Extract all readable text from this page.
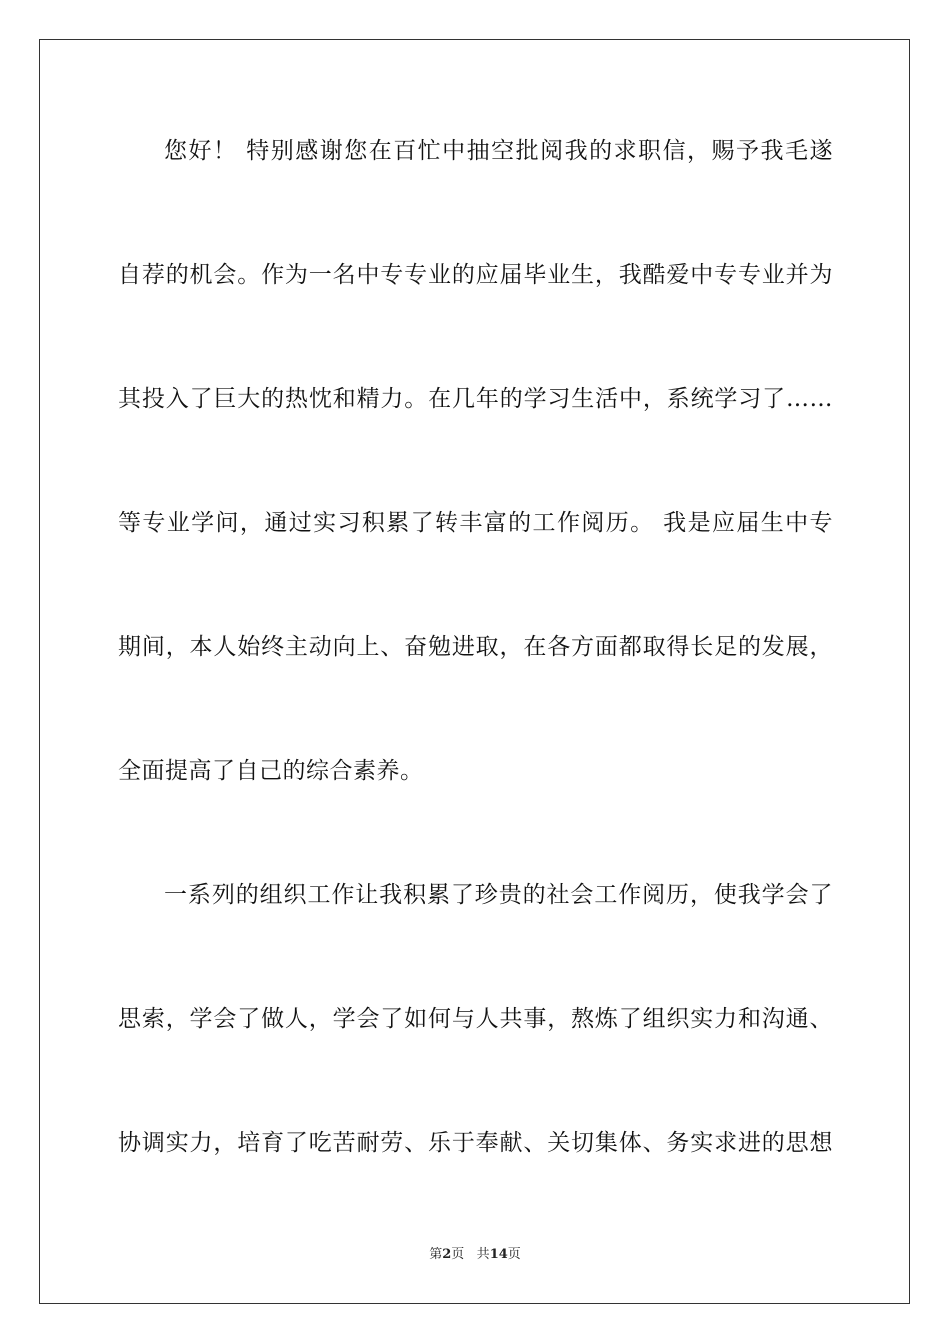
您好！ 特别感谢您在百忙中抽空批阅我的求职信，赐予我毛遂
自荐的机会。作为一名中专专业的应届毕业生，我酷爱中专专业并为
其投入了巨大的热忱和精力。在几年的学习生活中，系统学习了……
等专业学问，通过实习积累了转丰富的工作阅历。 我是应届生中专
期间，本人始终主动向上、奋勉进取，在各方面都取得长足的发展，
全面提高了自己的综合素养。
一系列的组织工作让我积累了珍贵的社会工作阅历，使我学会了
思索，学会了做人，学会了如何与人共事，熬炼了组织实力和沟通、
协调实力，培育了吃苦耐劳、乐于奉献、关切集体、务实求进的思想
第2页 共14页
